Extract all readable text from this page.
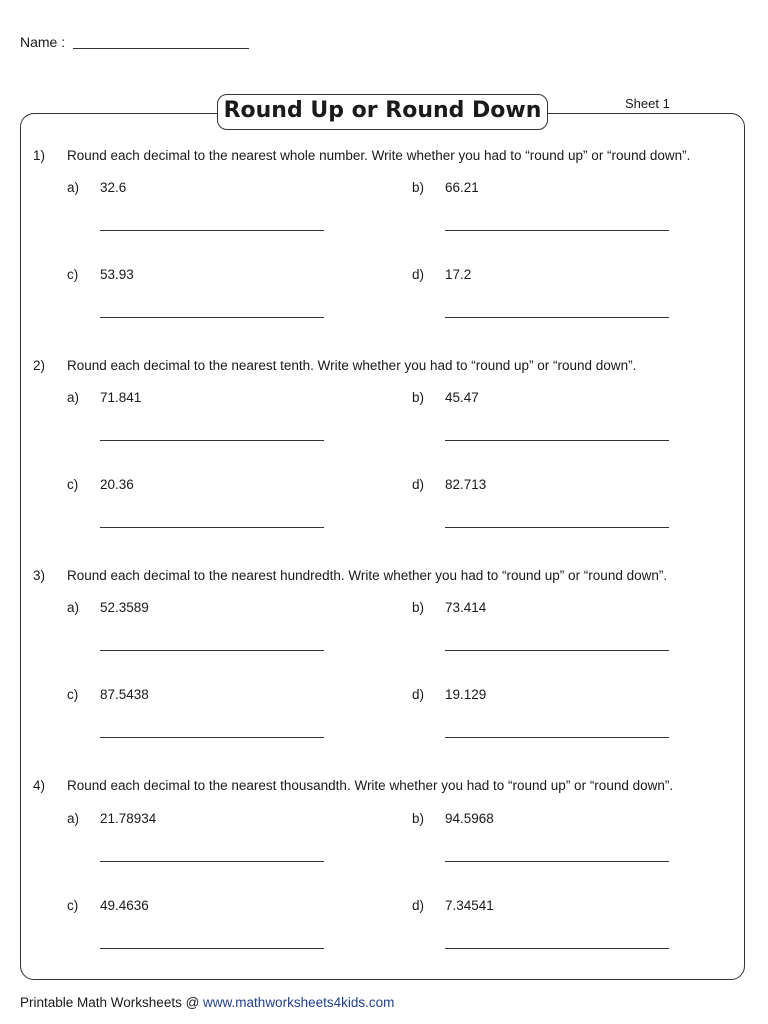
Name :
Round Up or Round Down	Sheet 1
1) Round each decimal to the nearest whole number. Write whether you had to “round up” or “round down”.
a) 32.6	b) 66.21
c) 53.93	d) 17.2
2) Round each decimal to the nearest tenth. Write whether you had to “round up” or “round down”.
a) 71.841	b) 45.47
c) 20.36	d) 82.713
3) Round each decimal to the nearest hundredth. Write whether you had to “round up” or “round down”.
a) 52.3589	b) 73.414
c) 87.5438	d) 19.129
4) Round each decimal to the nearest thousandth. Write whether you had to “round up” or “round down”.
a) 21.78934	b) 94.5968
c) 49.4636	d) 7.34541
Printable Math Worksheets @ www.mathworksheets4kids.com
